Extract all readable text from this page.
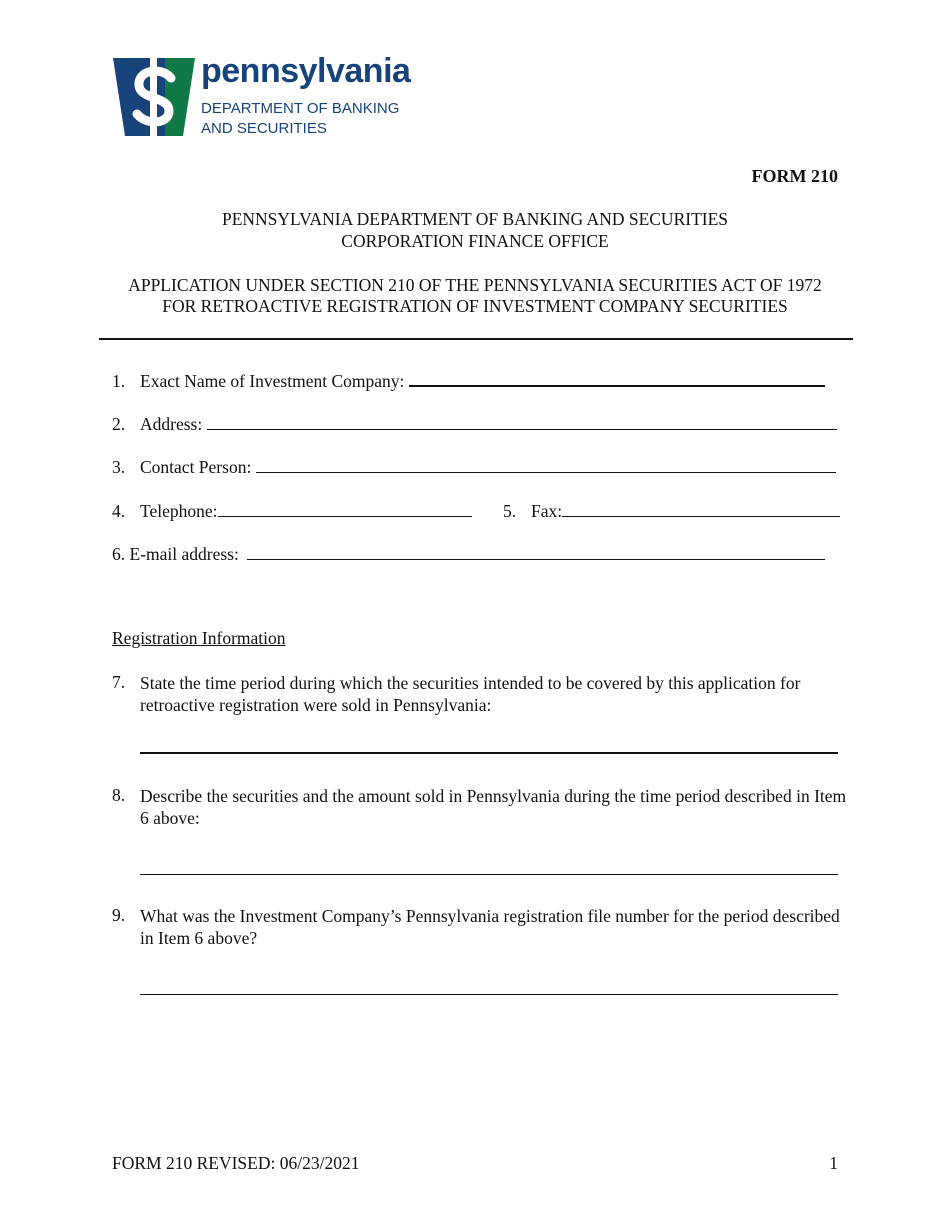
pennsylvania
DEPARTMENT OF BANKING
AND SECURITIES
FORM 210
PENNSYLVANIA DEPARTMENT OF BANKING AND SECURITIES
CORPORATION FINANCE OFFICE
APPLICATION UNDER SECTION 210 OF THE PENNSYLVANIA SECURITIES ACT OF 1972
FOR RETROACTIVE REGISTRATION OF INVESTMENT COMPANY SECURITIES
1. Exact Name of Investment Company:
2. Address:
3. Contact Person:
4. Telephone:	5. Fax:
6. E-mail address:
Registration Information
7. State the time period during which the securities intended to be covered by this application for retroactive registration were sold in Pennsylvania:
8. Describe the securities and the amount sold in Pennsylvania during the time period described in Item 6 above:
9. What was the Investment Company’s Pennsylvania registration file number for the period described in Item 6 above?
FORM 210 REVISED: 06/23/2021	1
